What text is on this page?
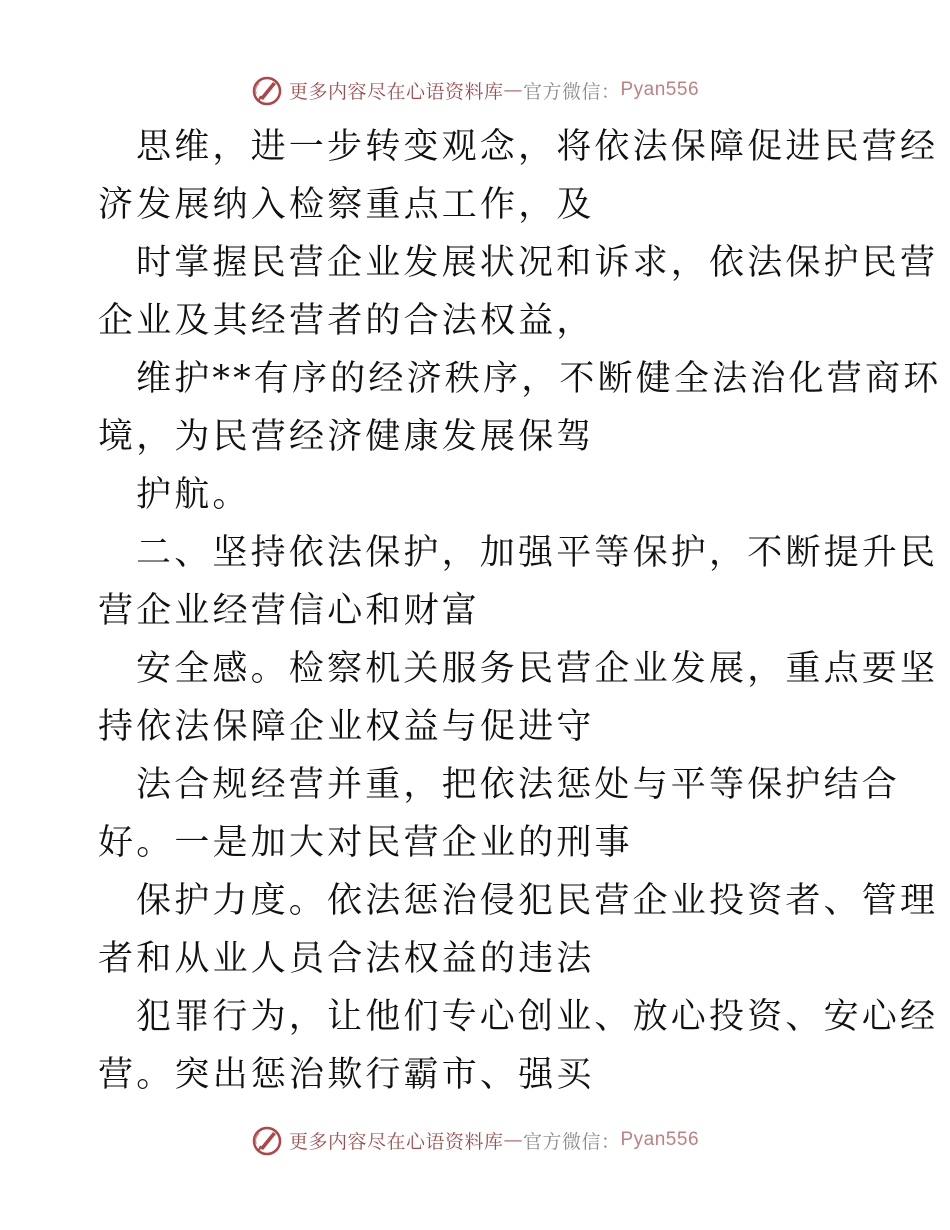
更多内容尽在心语资料库 — 官方微信： Pyan556
思维，进一步转变观念，将依法保障促进民营经
济发展纳入检察重点工作，及
时掌握民营企业发展状况和诉求，依法保护民营
企业及其经营者的合法权益，
维护**有序的经济秩序，不断健全法治化营商环
境，为民营经济健康发展保驾
护航。
二、坚持依法保护，加强平等保护，不断提升民
营企业经营信心和财富
安全感。检察机关服务民营企业发展，重点要坚
持依法保障企业权益与促进守
法合规经营并重，把依法惩处与平等保护结合
好。一是加大对民营企业的刑事
保护力度。依法惩治侵犯民营企业投资者、管理
者和从业人员合法权益的违法
犯罪行为，让他们专心创业、放心投资、安心经
营。突出惩治欺行霸市、强买
更多内容尽在心语资料库 — 官方微信： Pyan556
